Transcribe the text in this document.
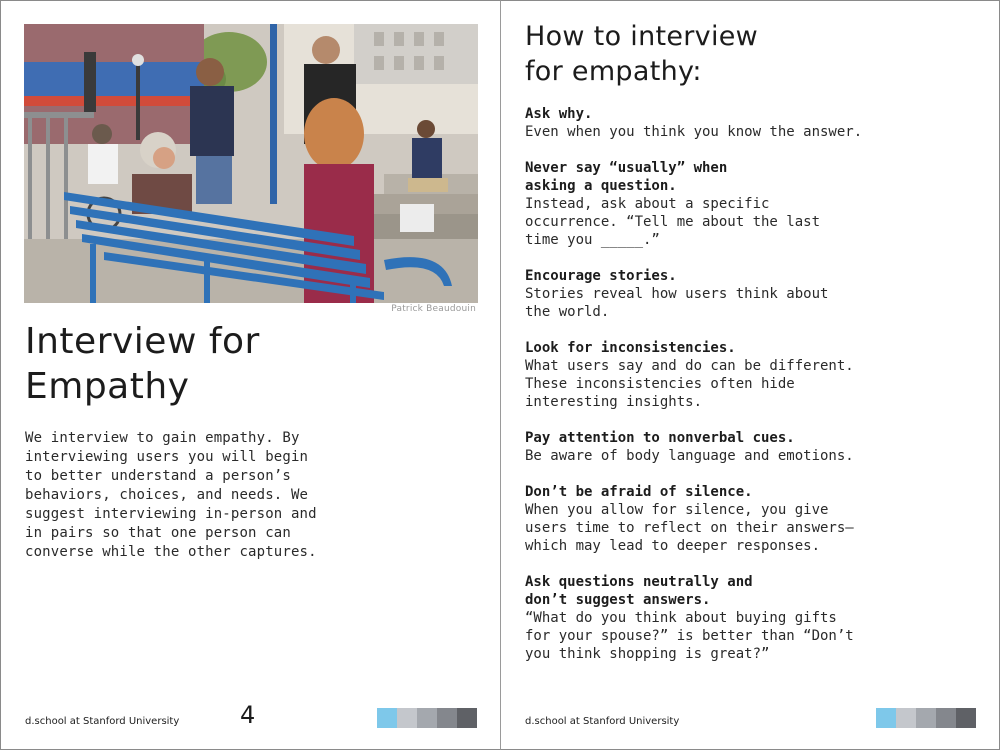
Patrick Beaudouin
Interview for
Empathy

We interview to gain empathy. By
interviewing users you will begin
to better understand a person’s
behaviors, choices, and needs. We
suggest interviewing in-person and
in pairs so that one person can
converse while the other captures.

d.school at Stanford University	4
How to interview
for empathy:
Ask why.
Even when you think you know the answer.
Never say “usually” when
asking a question.
Instead, ask about a specific
occurrence. “Tell me about the last
time you _____.”
Encourage stories.
Stories reveal how users think about
the world.
Look for inconsistencies.
What users say and do can be different.
These inconsistencies often hide
interesting insights.
Pay attention to nonverbal cues.
Be aware of body language and emotions.
Don’t be afraid of silence.
When you allow for silence, you give
users time to reflect on their answers—
which may lead to deeper responses.
Ask questions neutrally and
don’t suggest answers.
“What do you think about buying gifts
for your spouse?” is better than “Don’t
you think shopping is great?”
d.school at Stanford University
